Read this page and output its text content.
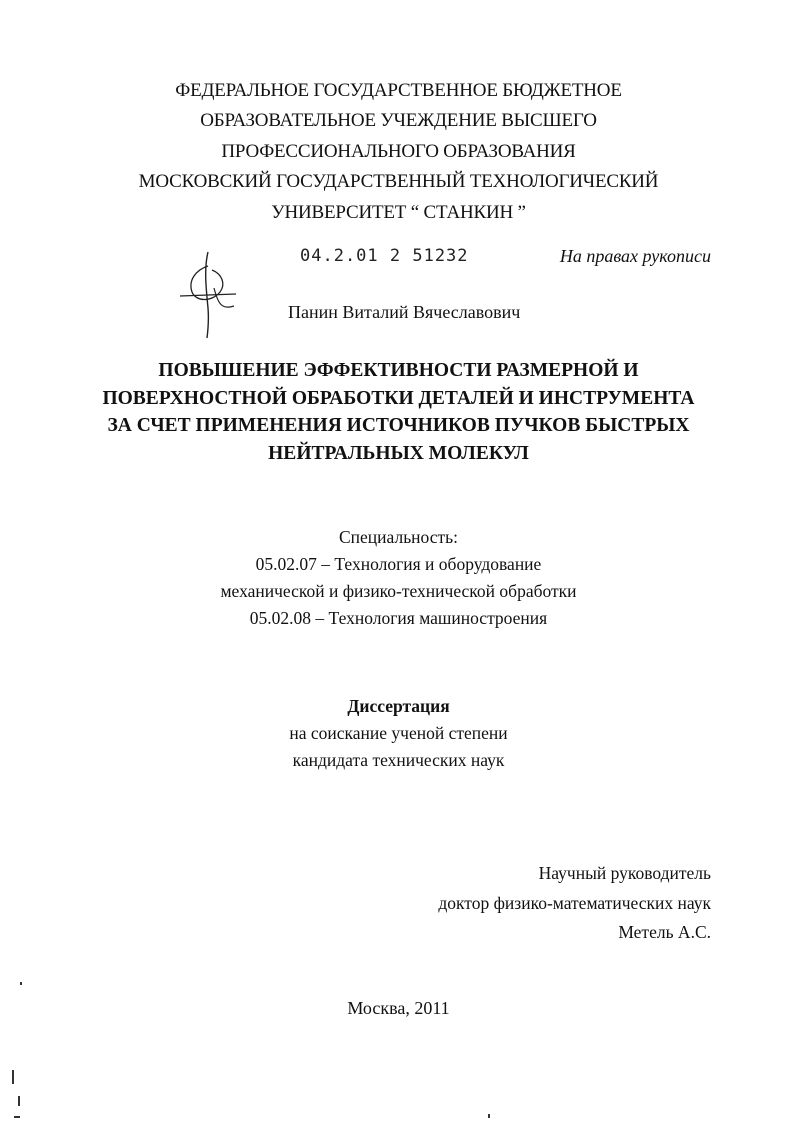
ФЕДЕРАЛЬНОЕ ГОСУДАРСТВЕННОЕ БЮДЖЕТНОЕ
ОБРАЗОВАТЕЛЬНОЕ УЧЕЖДЕНИЕ ВЫСШЕГО
ПРОФЕССИОНАЛЬНОГО ОБРАЗОВАНИЯ
МОСКОВСКИЙ ГОСУДАРСТВЕННЫЙ ТЕХНОЛОГИЧЕСКИЙ
УНИВЕРСИТЕТ “ СТАНКИН ”
04.2.01 2 51232	На правах рукописи
Панин Виталий Вячеславович
ПОВЫШЕНИЕ ЭФФЕКТИВНОСТИ РАЗМЕРНОЙ И
ПОВЕРХНОСТНОЙ ОБРАБОТКИ ДЕТАЛЕЙ И ИНСТРУМЕНТА
ЗА СЧЕТ ПРИМЕНЕНИЯ ИСТОЧНИКОВ ПУЧКОВ БЫСТРЫХ
НЕЙТРАЛЬНЫХ МОЛЕКУЛ
Специальность:
05.02.07 – Технология и оборудование
механической и физико-технической обработки
05.02.08 – Технология машиностроения
Диссертация
на соискание ученой степени
кандидата технических наук
Научный руководитель
доктор физико-математических наук
Метель А.С.
Москва, 2011
